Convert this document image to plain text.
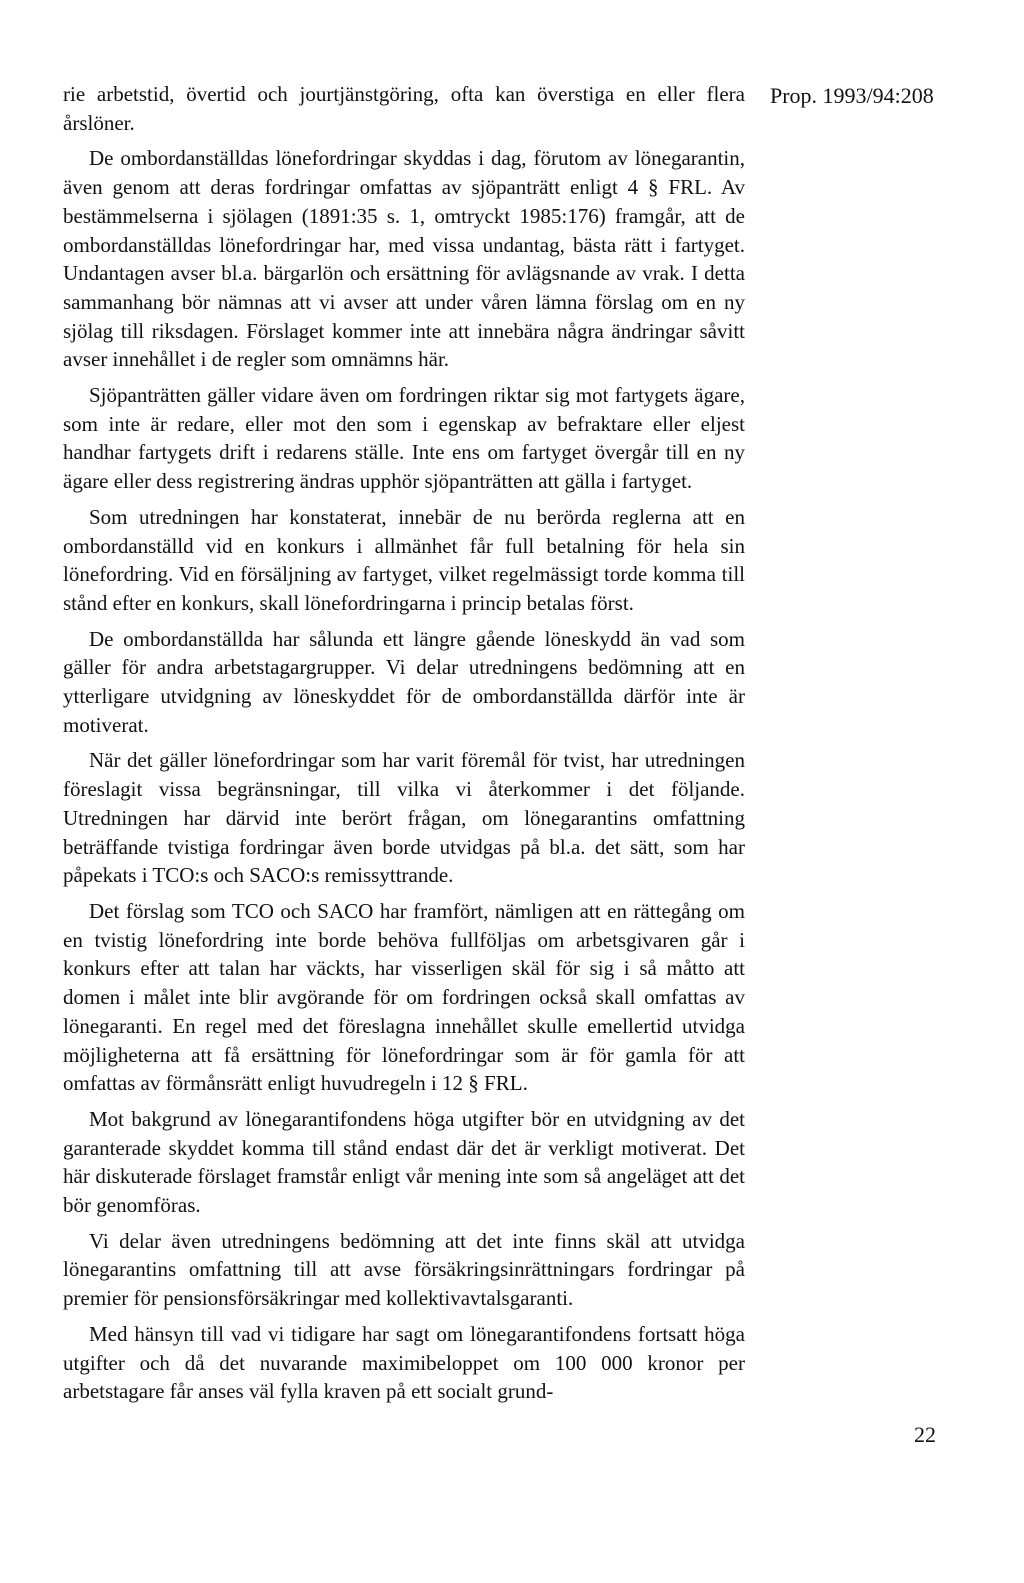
Prop. 1993/94:208

rie arbetstid, övertid och jourtjänstgöring, ofta kan överstiga en eller flera årslöner.

De ombordanställdas lönefordringar skyddas i dag, förutom av lönegarantin, även genom att deras fordringar omfattas av sjöpanträtt enligt 4 § FRL. Av bestämmelserna i sjölagen (1891:35 s. 1, omtryckt 1985:176) framgår, att de ombordanställdas lönefordringar har, med vissa undantag, bästa rätt i fartyget. Undantagen avser bl.a. bärgarlön och ersättning för avlägsnande av vrak. I detta sammanhang bör nämnas att vi avser att under våren lämna förslag om en ny sjölag till riksdagen. Förslaget kommer inte att innebära några ändringar såvitt avser innehållet i de regler som omnämns här.

Sjöpanträtten gäller vidare även om fordringen riktar sig mot fartygets ägare, som inte är redare, eller mot den som i egenskap av befraktare eller eljest handhar fartygets drift i redarens ställe. Inte ens om fartyget övergår till en ny ägare eller dess registrering ändras upphör sjöpanträtten att gälla i fartyget.

Som utredningen har konstaterat, innebär de nu berörda reglerna att en ombordanställd vid en konkurs i allmänhet får full betalning för hela sin lönefordring. Vid en försäljning av fartyget, vilket regelmässigt torde komma till stånd efter en konkurs, skall lönefordringarna i princip betalas först.

De ombordanställda har sålunda ett längre gående löneskydd än vad som gäller för andra arbetstagargrupper. Vi delar utredningens bedömning att en ytterligare utvidgning av löneskyddet för de ombordanställda därför inte är motiverat.

När det gäller lönefordringar som har varit föremål för tvist, har utredningen föreslagit vissa begränsningar, till vilka vi återkommer i det följande. Utredningen har därvid inte berört frågan, om lönegarantins omfattning beträffande tvistiga fordringar även borde utvidgas på bl.a. det sätt, som har påpekats i TCO:s och SACO:s remissyttrande.

Det förslag som TCO och SACO har framfört, nämligen att en rättegång om en tvistig lönefordring inte borde behöva fullföljas om arbetsgivaren går i konkurs efter att talan har väckts, har visserligen skäl för sig i så måtto att domen i målet inte blir avgörande för om fordringen också skall omfattas av lönegaranti. En regel med det föreslagna innehållet skulle emellertid utvidga möjligheterna att få ersättning för lönefordringar som är för gamla för att omfattas av förmånsrätt enligt huvudregeln i 12 § FRL.

Mot bakgrund av lönegarantifondens höga utgifter bör en utvidgning av det garanterade skyddet komma till stånd endast där det är verkligt motiverat. Det här diskuterade förslaget framstår enligt vår mening inte som så angeläget att det bör genomföras.

Vi delar även utredningens bedömning att det inte finns skäl att utvidga lönegarantins omfattning till att avse försäkringsinrättningars fordringar på premier för pensionsförsäkringar med kollektivavtalsgaranti.

Med hänsyn till vad vi tidigare har sagt om lönegarantifondens fortsatt höga utgifter och då det nuvarande maximibeloppet om 100 000 kronor per arbetstagare får anses väl fylla kraven på ett socialt grund-

22
